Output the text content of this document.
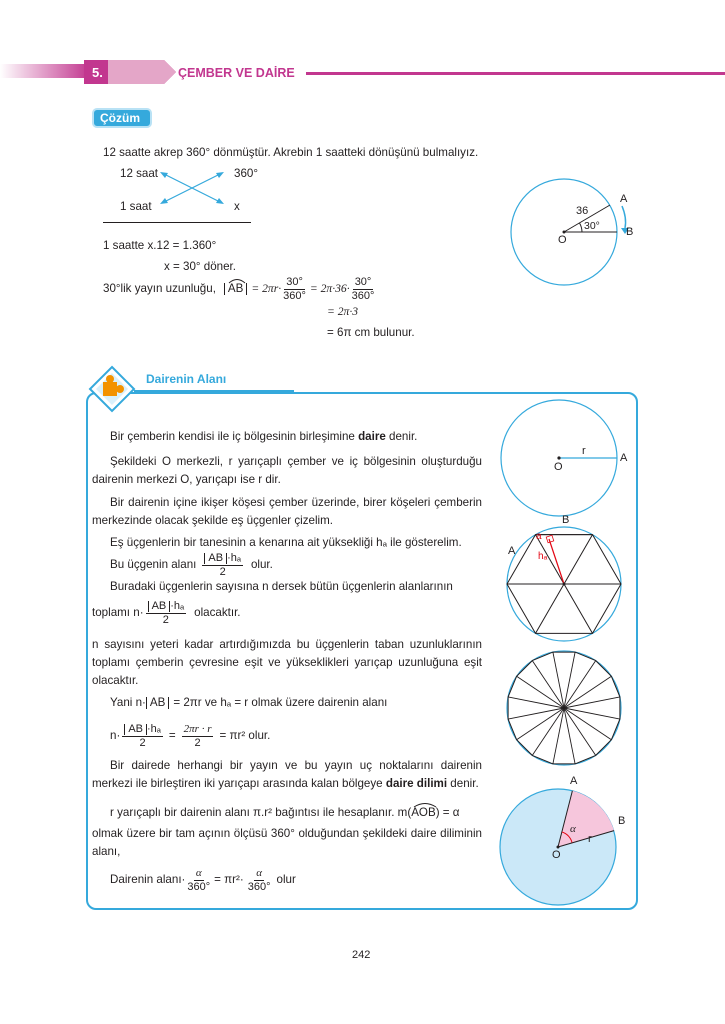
5.	ÇEMBER VE DAİRE
Çözüm
12 saatte akrep 360° dönmüştür. Akrebin 1 saatteki dönüşünü bulmalıyız.
12 saat	360°
1 saat	x
1 saatte x.12 = 1.360°
x = 30° döner.
30°lik yayın uzunluğu,	AB = $2\pi r\cdot \frac{30^\circ}{360^\circ} = 2\pi\cdot 36\cdot \frac{30^\circ}{360^\circ}$
= 2π·3
= 6π cm bulunur.
36
A
B
O
30°
Dairenin Alanı
Bir çemberin kendisi ile iç bölgesinin birleşimine daire denir.
Şekildeki O merkezli, r yarıçaplı çember ve iç bölgesinin oluşturduğu dairenin merkezi O, yarıçapı ise r dir.
Bir dairenin içine ikişer köşesi çember üzerinde, birer köşeleri çemberin merkezinde olacak şekilde eş üçgenler çizelim.
Eş üçgenlerin bir tanesinin a kenarına ait yüksekliği hₐ ile gösterelim.
Bu üçgenin alanı $\frac{\text{AB ·hₐ}}{2}$ olur.
Buradaki üçgenlerin sayısına n dersek bütün üçgenlerin alanlarının
toplamı $n\cdot \frac{\text{AB ·hₐ}}{2}$ olacaktır.
n sayısını yeteri kadar artırdığımızda bu üçgenlerin taban uzunluklarının toplamı çemberin çevresine eşit ve yükseklikleri yarıçap uzunluğuna eşit olacaktır.
Yani n· AB = 2πr ve hₐ = r olmak üzere dairenin alanı
$n\cdot \frac{\text{AB ·hₐ}}{2} = \frac{2\pi r \cdot r}{2} = \pi r^2$ olur.
Bir dairede herhangi bir yayın ve bu yayın uç noktalarını dairenin merkezi ile birleştiren iki yarıçapı arasında kalan bölgeye daire dilimi denir.
r yarıçaplı bir dairenin alanı π.r² bağıntısı ile hesaplanır. m( AOB ) = α
olmak üzere bir tam açının ölçüsü 360° olduğundan şekildeki daire diliminin alanı,
Dairenin alanı· $\frac{\alpha}{360^\circ} = \pi r^2\cdot \frac{\alpha}{360^\circ}$ olur
r
O
A
A
B
a
hₐ
A
B
O
r
α
242
